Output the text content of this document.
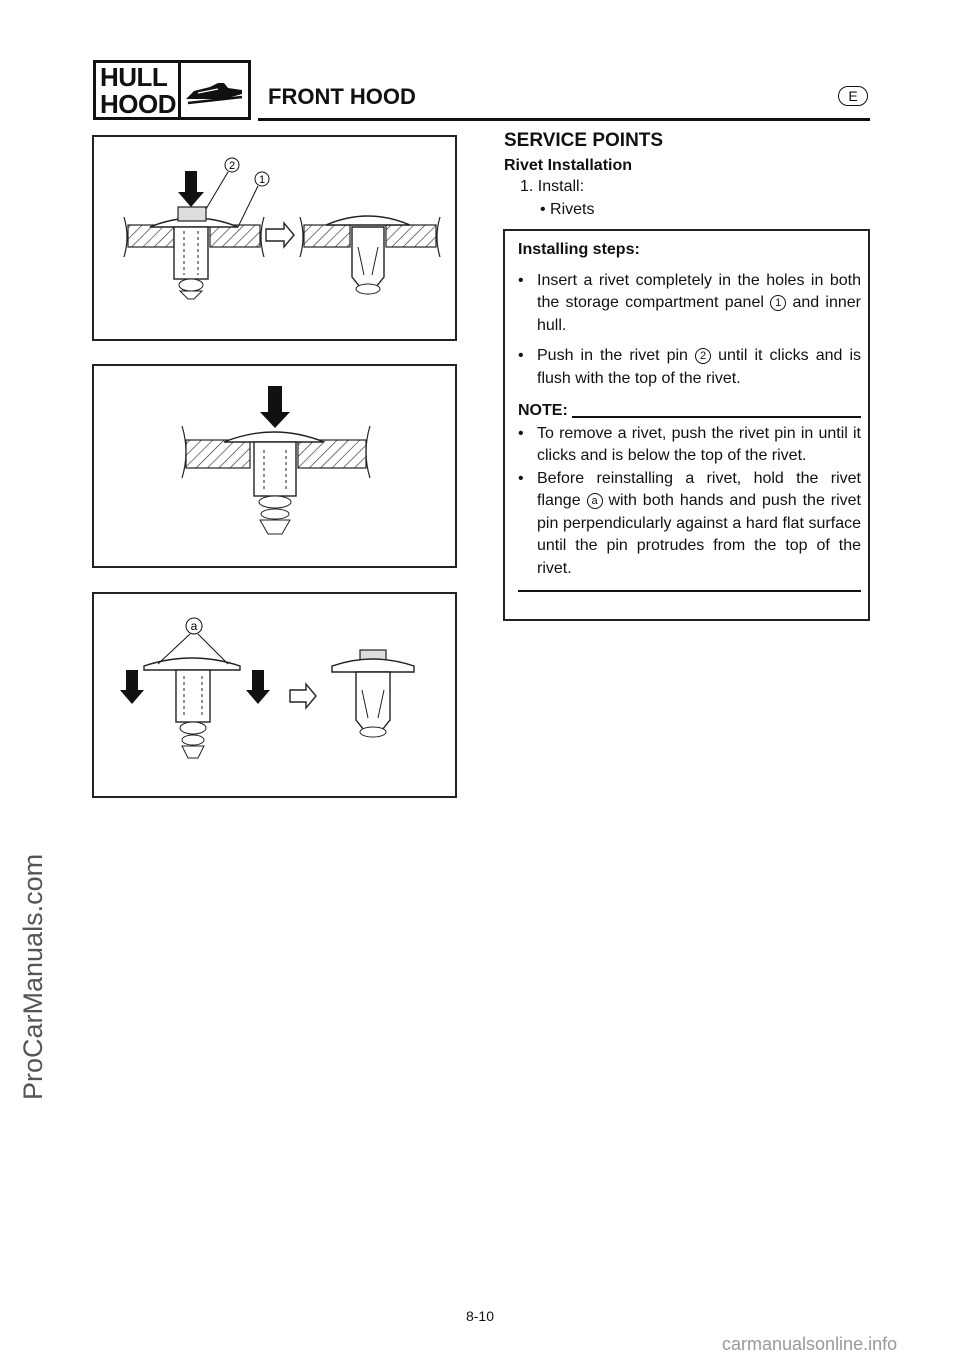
HULL
HOOD	FRONT HOOD	E
ProCarManuals.com
2
1
a
SERVICE POINTS
Rivet Installation
1. Install:
• Rivets

Installing steps:

• Insert a rivet completely in the holes in both the storage compartment panel 1 and inner hull.

• Push in the rivet pin 2 until it clicks and is flush with the top of the rivet.

NOTE:

• To remove a rivet, push the rivet pin in until it clicks and is below the top of the rivet.

• Before reinstalling a rivet, hold the rivet flange a with both hands and push the rivet pin perpendicularly against a hard flat surface until the pin protrudes from the top of the rivet.

8-10
carmanualsonline.info
